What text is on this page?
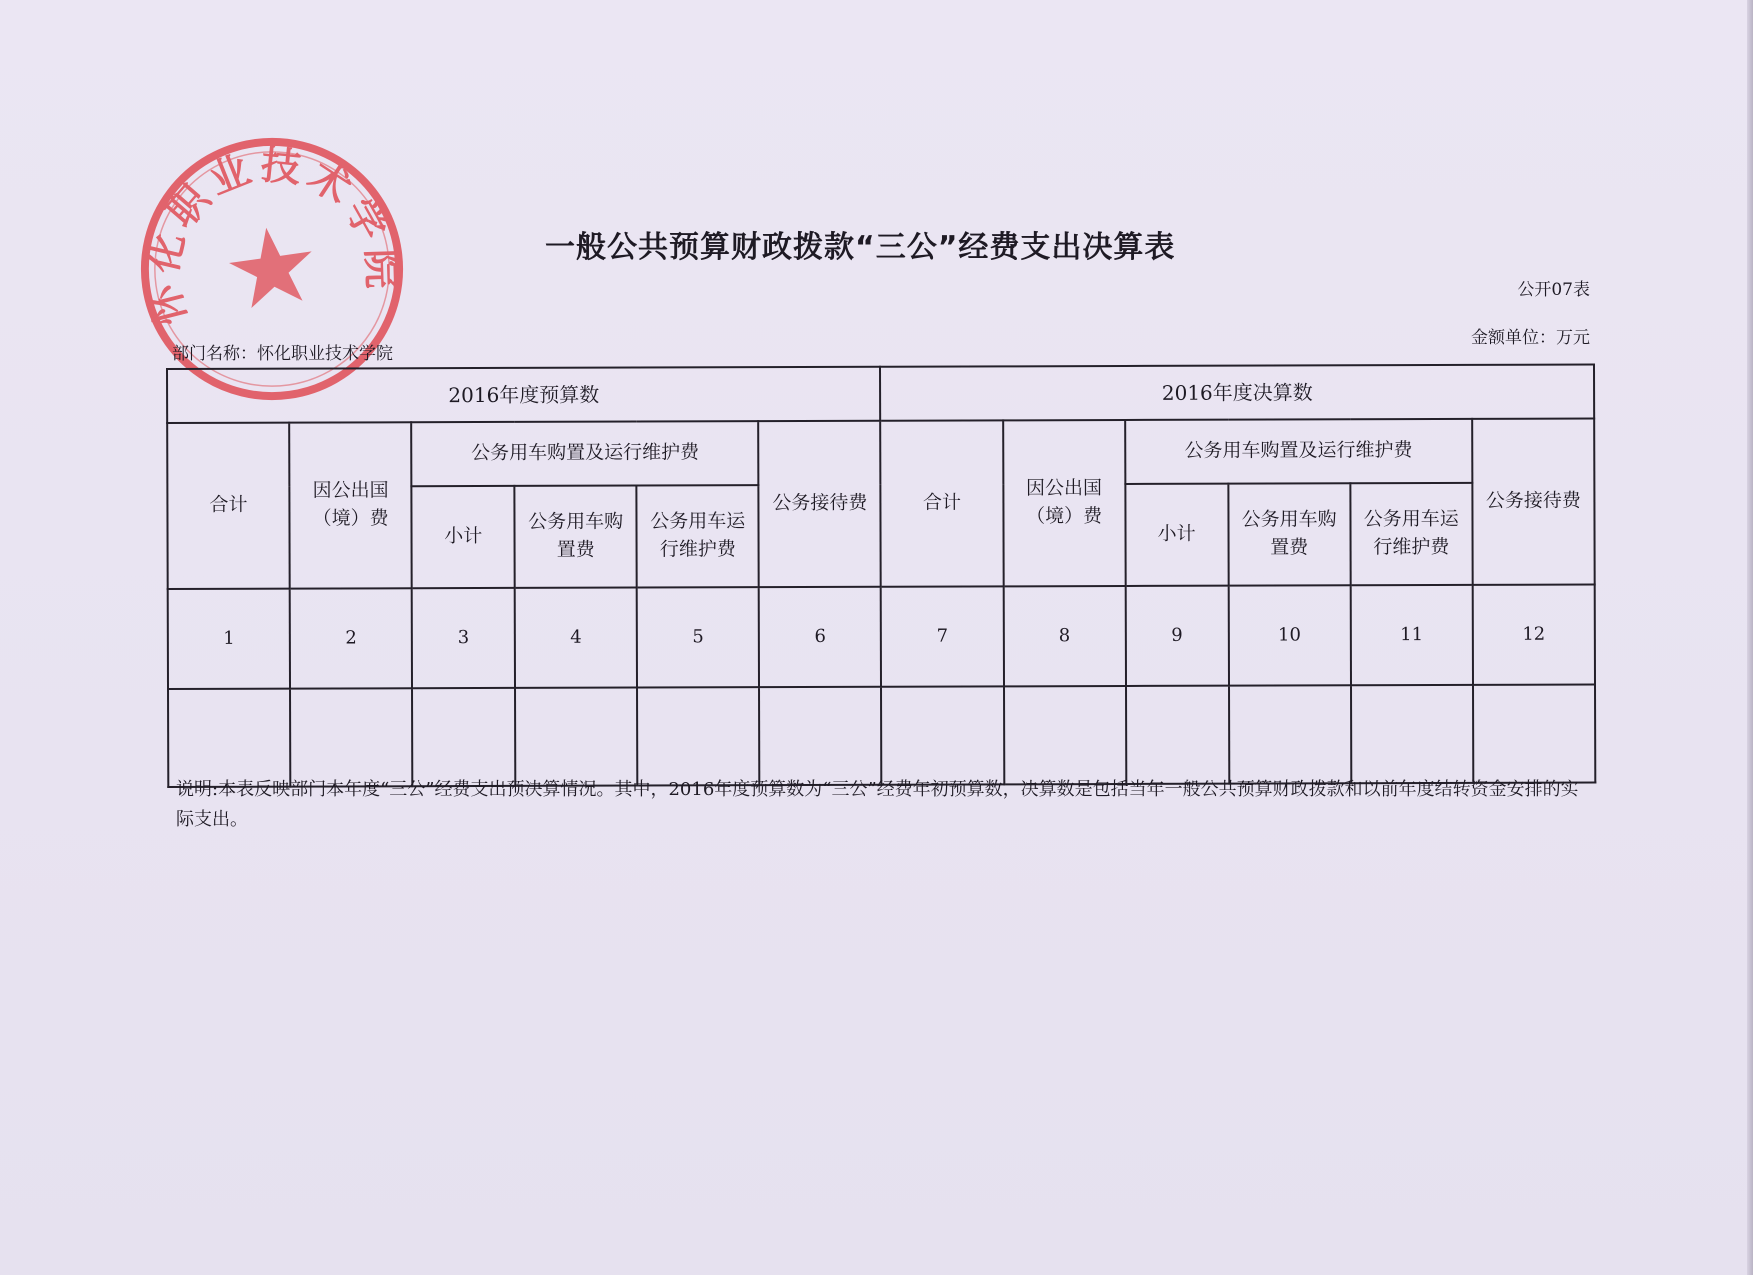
怀化职业技术学院
一般公共预算财政拨款“三公”经费支出决算表
公开07表
金额单位：万元
部门名称：怀化职业技术学院
2016年度预算数						2016年度决算数					
合计	因公出国（境）费	公务用车购置及运行维护费			公务接待费	合计	因公出国（境）费	公务用车购置及运行维护费			公务接待费
		小计	公务用车购置费	公务用车运行维护费				小计	公务用车购置费	公务用车运行维护费	
1	2	3	4	5	6	7	8	9	10	11	12

说明:本表反映部门本年度“三公”经费支出预决算情况。其中，2016年度预算数为“三公”经费年初预算数，决算数是包括当年一般公共预算财政拨款和以前年度结转资金安排的实际支出。
